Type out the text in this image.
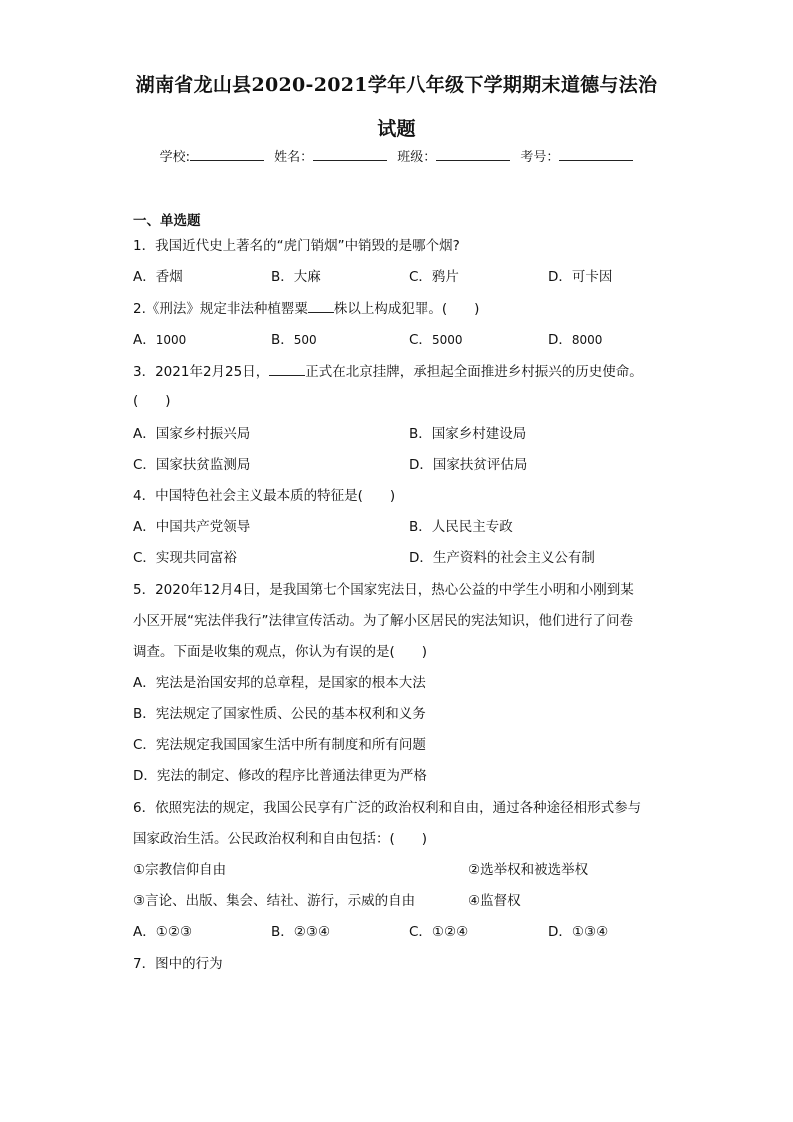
湖南省龙山县2020-2021学年八年级下学期期末道德与法治
试题
学校:	姓名：	班级：	考号：
一、单选题
1．我国近代史上著名的“虎门销烟”中销毁的是哪个烟?
A．香烟	B．大麻	C．鸦片	D．可卡因
2.《刑法》规定非法种植罂粟 株以上构成犯罪。(　　)
A．1000	B．500	C．5000	D．8000
3．2021年2月25日，	正式在北京挂牌，承担起全面推进乡村振兴的历史使命。
(　　)
A．国家乡村振兴局	B．国家乡村建设局
C．国家扶贫监测局	D．国家扶贫评估局
4．中国特色社会主义最本质的特征是(　　)
A．中国共产党领导	B．人民民主专政
C．实现共同富裕	D．生产资料的社会主义公有制
5．2020年12月4日，是我国第七个国家宪法日，热心公益的中学生小明和小刚到某
小区开展“宪法伴我行”法律宣传活动。为了解小区居民的宪法知识，他们进行了问卷
调查。下面是收集的观点，你认为有误的是(　　)
A．宪法是治国安邦的总章程，是国家的根本大法
B．宪法规定了国家性质、公民的基本权利和义务
C．宪法规定我国国家生活中所有制度和所有问题
D．宪法的制定、修改的程序比普通法律更为严格
6．依照宪法的规定，我国公民享有广泛的政治权利和自由，通过各种途径相形式参与
国家政治生活。公民政治权利和自由包括：(　　)
①宗教信仰自由	②选举权和被选举权
③言论、出版、集会、结社、游行，示威的自由	④监督权
A．①②③	B．②③④	C．①②④	D．①③④
7．图中的行为
